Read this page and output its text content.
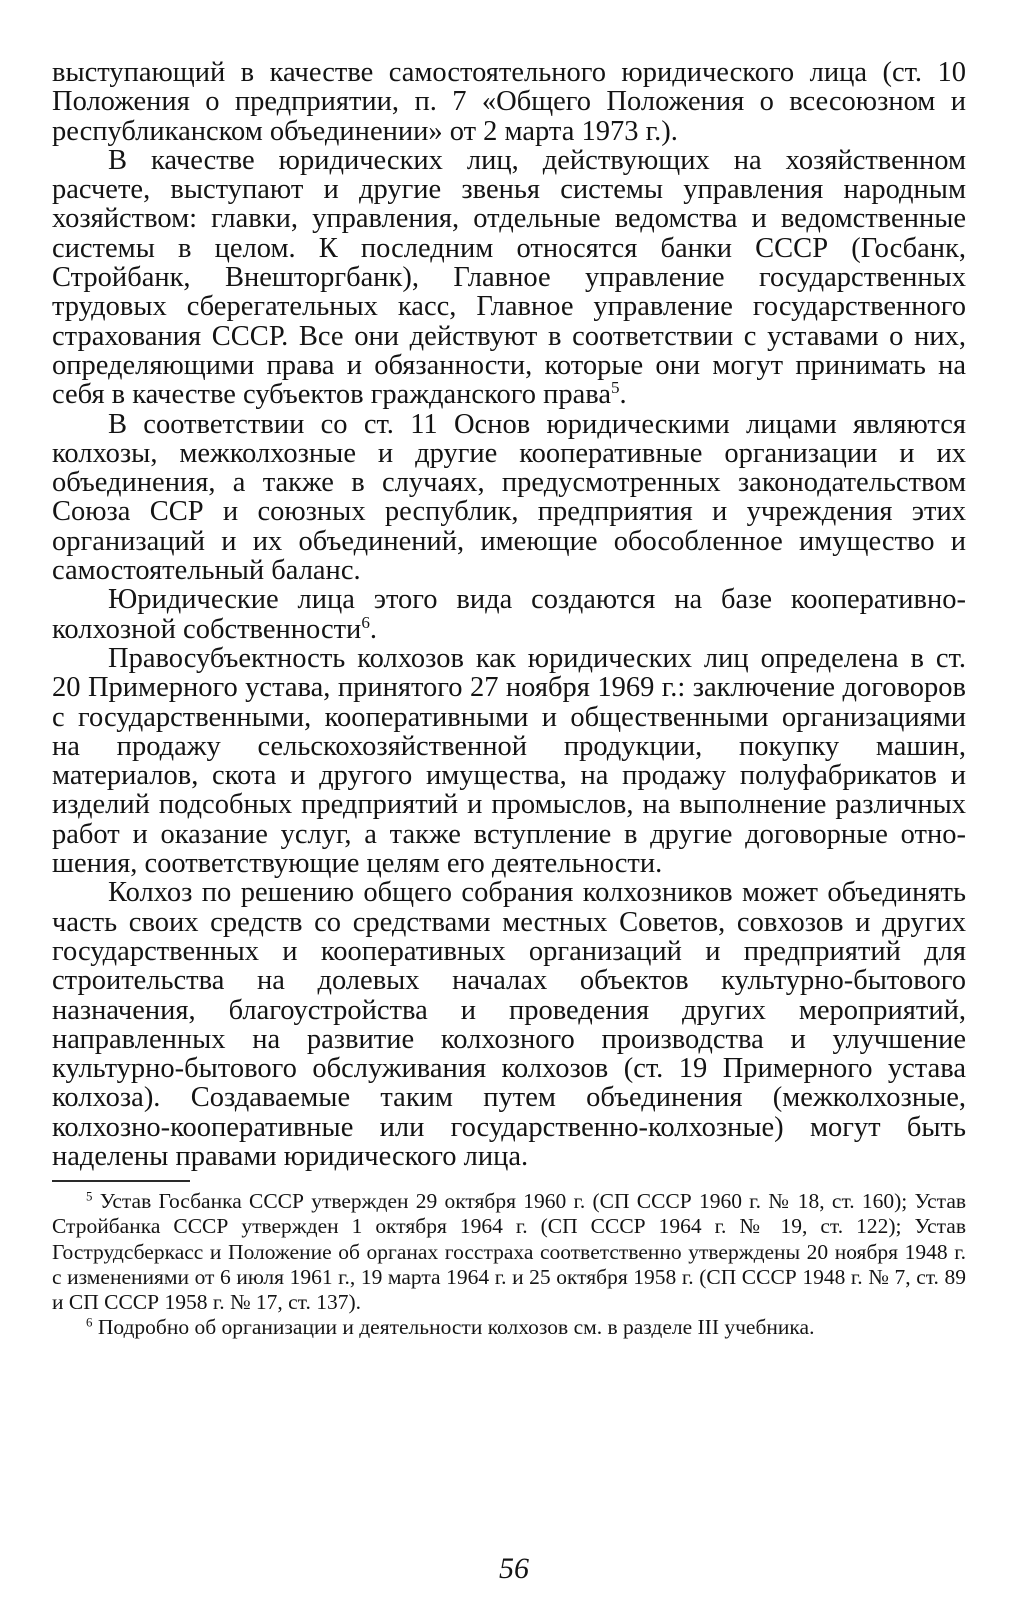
выступающий в качестве самостоятельного юридического лица (ст. 10 Положения о предприятии, п. 7 «Общего Положения о всесоюзном и республиканском объединении» от 2 марта 1973 г.).

В качестве юридических лиц, действующих на хозяйственном расчете, выступают и другие звенья системы управления народным хозяйством: главки, управления, отдельные ведомства и ведомственные системы в целом. К последним относятся банки СССР (Госбанк, Стройбанк, Внешторгбанк), Главное управление государственных трудовых сберегательных касс, Главное управление государственного страхования СССР. Все они действуют в соответствии с уставами о них, определяющими права и обязанности, которые они могут принимать на себя в качестве субъектов гражданского права$^5$.

В соответствии со ст. 11 Основ юридическими лицами являются колхозы, межколхозные и другие кооперативные организации и их объединения, а также в случаях, предусмотренных законодательством Союза ССР и союзных республик, предприятия и учреждения этих организаций и их объединений, имеющие обособленное имущество и самостоятельный баланс.

Юридические лица этого вида создаются на базе кооперативно-колхозной собственности$^6$.

Правосубъектность колхозов как юридических лиц определена в ст. 20 Примерного устава, принятого 27 ноября 1969 г.: заключение договоров с государственными, кооперативными и общественными организациями на продажу сельскохозяйственной продукции, покупку машин, материалов, скота и другого имущества, на продажу полуфабрикатов и изделий подсобных предприятий и промыслов, на выполнение различных работ и оказание услуг, а также вступление в другие договорные отношения, соответствующие целям его деятельности.

Колхоз по решению общего собрания колхозников может объединять часть своих средств со средствами местных Советов, совхозов и других государственных и кооперативных организаций и предприятий для строительства на долевых началах объектов культурно-бытового назначения, благоустройства и проведения других мероприятий, направленных на развитие колхозного производства и улучшение культурно-бытового обслуживания колхозов (ст. 19 Примерного устава колхоза). Создаваемые таким путем объединения (межколхозные, колхозно-кооперативные или государственно-колхозные) могут быть наделены правами юридического лица.

$^5$ Устав Госбанка СССР утвержден 29 октября 1960 г. (СП СССР 1960 г. № 18, ст. 160); Устав Стройбанка СССР утвержден 1 октября 1964 г. (СП СССР 1964 г. № 19, ст. 122); Устав Гострудсберкасс и Положение об органах госстраха соответственно утверждены 20 ноября 1948 г. с изменениями от 6 июля 1961 г., 19 марта 1964 г. и 25 октября 1958 г. (СП СССР 1948 г. № 7, ст. 89 и СП СССР 1958 г. № 17, ст. 137).

$^6$ Подробно об организации и деятельности колхозов см. в разделе III учебника.

56
